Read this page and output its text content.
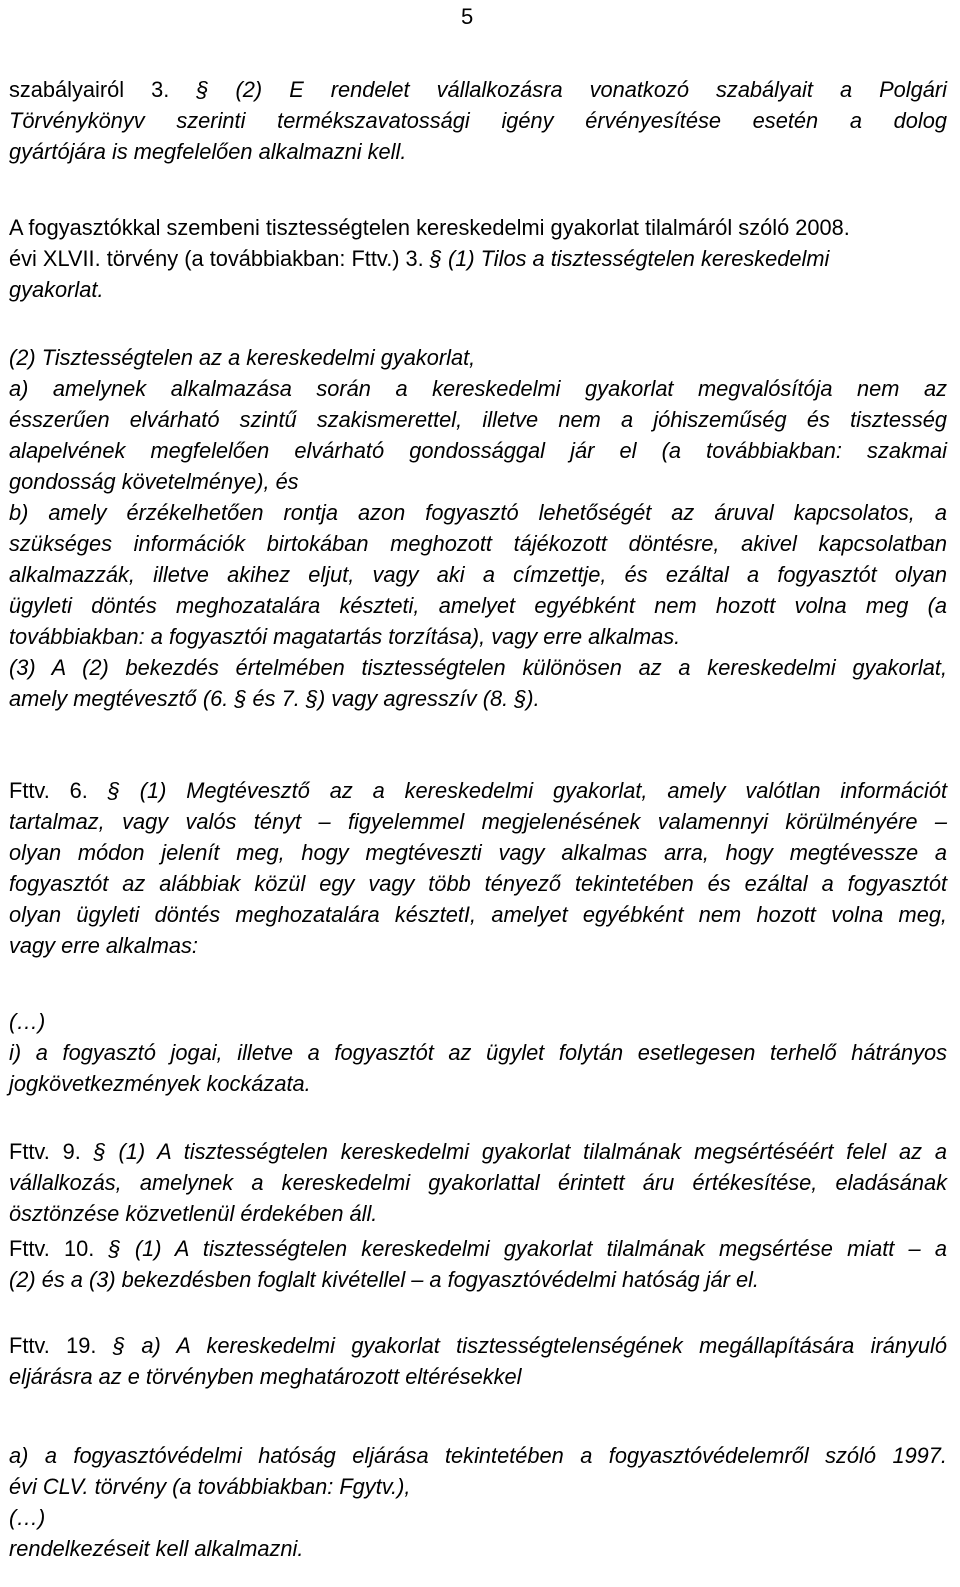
5
szabályairól 3. § (2) E rendelet vállalkozásra vonatkozó szabályait a Polgári
Törvénykönyv szerinti termékszavatossági igény érvényesítése esetén a dolog
gyártójára is megfelelően alkalmazni kell.
A fogyasztókkal szembeni tisztességtelen kereskedelmi gyakorlat tilalmáról szóló 2008.
évi XLVII. törvény (a továbbiakban: Fttv.) 3. § (1) Tilos a tisztességtelen kereskedelmi
gyakorlat.
(2) Tisztességtelen az a kereskedelmi gyakorlat,
a) amelynek alkalmazása során a kereskedelmi gyakorlat megvalósítója nem az
ésszerűen elvárható szintű szakismerettel, illetve nem a jóhiszeműség és tisztesség
alapelvének megfelelően elvárható gondossággal jár el (a továbbiakban: szakmai
gondosság követelménye), és
b) amely érzékelhetően rontja azon fogyasztó lehetőségét az áruval kapcsolatos, a
szükséges információk birtokában meghozott tájékozott döntésre, akivel kapcsolatban
alkalmazzák, illetve akihez eljut, vagy aki a címzettje, és ezáltal a fogyasztót olyan
ügyleti döntés meghozatalára készteti, amelyet egyébként nem hozott volna meg (a
továbbiakban: a fogyasztói magatartás torzítása), vagy erre alkalmas.
(3) A (2) bekezdés értelmében tisztességtelen különösen az a kereskedelmi gyakorlat,
amely megtévesztő (6. § és 7. §) vagy agresszív (8. §).
Fttv. 6. § (1) Megtévesztő az a kereskedelmi gyakorlat, amely valótlan információt
tartalmaz, vagy valós tényt – figyelemmel megjelenésének valamennyi körülményére –
olyan módon jelenít meg, hogy megtéveszti vagy alkalmas arra, hogy megtévessze a
fogyasztót az alábbiak közül egy vagy több tényező tekintetében és ezáltal a fogyasztót
olyan ügyleti döntés meghozatalára késztetI, amelyet egyébként nem hozott volna meg,
vagy erre alkalmas:
(…)
i) a fogyasztó jogai, illetve a fogyasztót az ügylet folytán esetlegesen terhelő hátrányos
jogkövetkezmények kockázata.
Fttv. 9. § (1) A tisztességtelen kereskedelmi gyakorlat tilalmának megsértéséért felel az a
vállalkozás, amelynek a kereskedelmi gyakorlattal érintett áru értékesítése, eladásának
ösztönzése közvetlenül érdekében áll.
Fttv. 10. § (1) A tisztességtelen kereskedelmi gyakorlat tilalmának megsértése miatt – a
(2) és a (3) bekezdésben foglalt kivétellel – a fogyasztóvédelmi hatóság jár el.
Fttv. 19. § a) A kereskedelmi gyakorlat tisztességtelenségének megállapítására irányuló
eljárásra az e törvényben meghatározott eltérésekkel
a) a fogyasztóvédelmi hatóság eljárása tekintetében a fogyasztóvédelemről szóló 1997.
évi CLV. törvény (a továbbiakban: Fgytv.),
(…)
rendelkezéseit kell alkalmazni.
